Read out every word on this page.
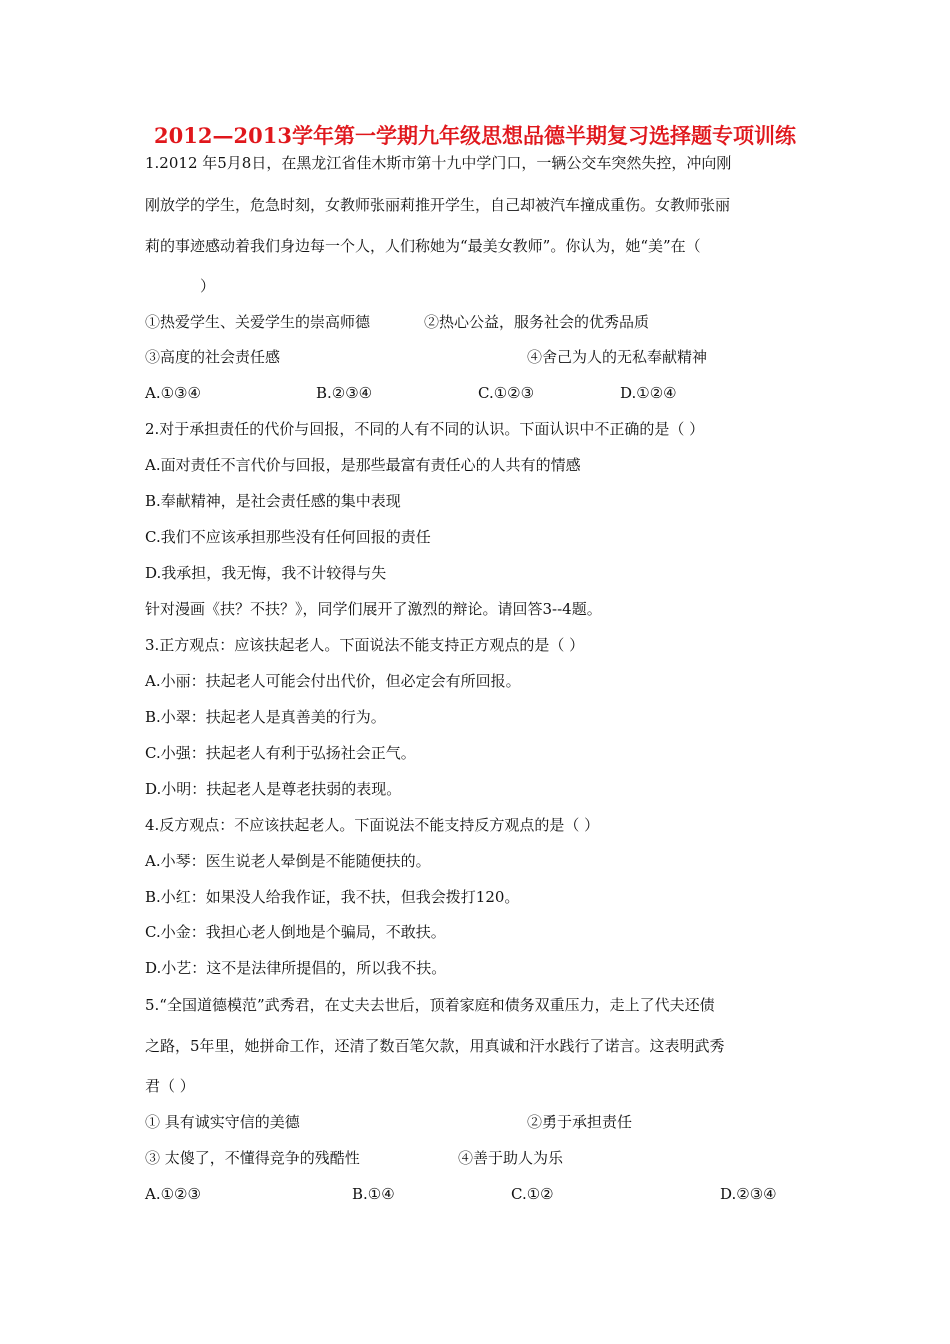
2012—2013学年第一学期九年级思想品德半期复习选择题专项训练
1.2012 年5月8日，在黑龙江省佳木斯市第十九中学门口，一辆公交车突然失控，冲向刚
刚放学的学生，危急时刻，女教师张丽莉推开学生，自己却被汽车撞成重伤。女教师张丽
莉的事迹感动着我们身边每一个人，人们称她为“最美女教师”。你认为，她“美”在（
）
①热爱学生、关爱学生的崇高师德	②热心公益，服务社会的优秀品质
③高度的社会责任感	④舍己为人的无私奉献精神
A.①③④	B.②③④	C.①②③	D.①②④
2.对于承担责任的代价与回报，不同的人有不同的认识。下面认识中不正确的是（ ）
A.面对责任不言代价与回报，是那些最富有责任心的人共有的情感
B.奉献精神，是社会责任感的集中表现
C.我们不应该承担那些没有任何回报的责任
D.我承担，我无悔，我不计较得与失
针对漫画《扶？不扶？》，同学们展开了激烈的辩论。请回答3--4题。
3.正方观点：应该扶起老人。下面说法不能支持正方观点的是（ ）
A.小丽：扶起老人可能会付出代价，但必定会有所回报。
B.小翠：扶起老人是真善美的行为。
C.小强：扶起老人有利于弘扬社会正气。
D.小明：扶起老人是尊老扶弱的表现。
4.反方观点：不应该扶起老人。下面说法不能支持反方观点的是（ ）
A.小琴：医生说老人晕倒是不能随便扶的。
B.小红：如果没人给我作证，我不扶，但我会拨打120。
C.小金：我担心老人倒地是个骗局，不敢扶。
D.小艺：这不是法律所提倡的，所以我不扶。
5.“全国道德模范”武秀君，在丈夫去世后，顶着家庭和债务双重压力，走上了代夫还债
之路，5年里，她拼命工作，还清了数百笔欠款，用真诚和汗水践行了诺言。这表明武秀
君（ ）
① 具有诚实守信的美德	②勇于承担责任
③ 太傻了，不懂得竞争的残酷性	④善于助人为乐
A.①②③	B.①④	C.①②	D.②③④
